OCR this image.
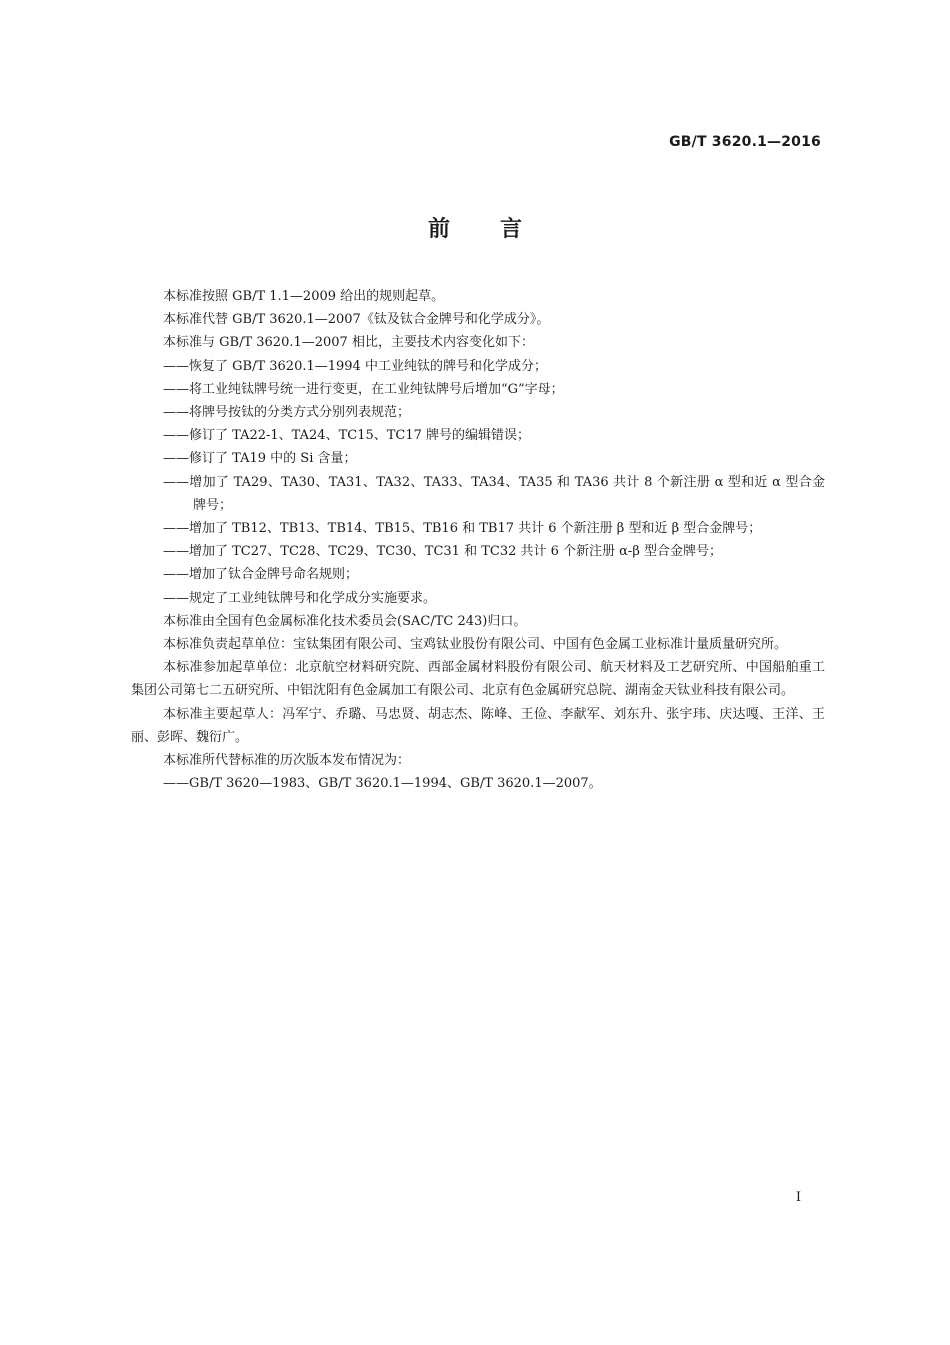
GB/T 3620.1—2016
前 言

本标准按照 GB/T 1.1—2009 给出的规则起草。

本标准代替 GB/T 3620.1—2007《钛及钛合金牌号和化学成分》。

本标准与 GB/T 3620.1—2007 相比，主要技术内容变化如下：

——恢复了 GB/T 3620.1—1994 中工业纯钛的牌号和化学成分；

——将工业纯钛牌号统一进行变更，在工业纯钛牌号后增加“G”字母；

——将牌号按钛的分类方式分别列表规范；

——修订了 TA22-1、TA24、TC15、TC17 牌号的编辑错误；

——修订了 TA19 中的 Si 含量；

——增加了 TA29、TA30、TA31、TA32、TA33、TA34、TA35 和 TA36 共计 8 个新注册 α 型和近 α 型合金牌号；

——增加了 TB12、TB13、TB14、TB15、TB16 和 TB17 共计 6 个新注册 β 型和近 β 型合金牌号；

——增加了 TC27、TC28、TC29、TC30、TC31 和 TC32 共计 6 个新注册 α-β 型合金牌号；

——增加了钛合金牌号命名规则；

——规定了工业纯钛牌号和化学成分实施要求。

本标准由全国有色金属标准化技术委员会(SAC/TC 243)归口。

本标准负责起草单位：宝钛集团有限公司、宝鸡钛业股份有限公司、中国有色金属工业标准计量质量研究所。

本标准参加起草单位：北京航空材料研究院、西部金属材料股份有限公司、航天材料及工艺研究所、中国船舶重工集团公司第七二五研究所、中铝沈阳有色金属加工有限公司、北京有色金属研究总院、湖南金天钛业科技有限公司。

本标准主要起草人：冯军宁、乔璐、马忠贤、胡志杰、陈峰、王俭、李献军、刘东升、张宇玮、庆达嘎、王洋、王丽、彭晖、魏衍广。

本标准所代替标准的历次版本发布情况为：

——GB/T 3620—1983、GB/T 3620.1—1994、GB/T 3620.1—2007。

I
